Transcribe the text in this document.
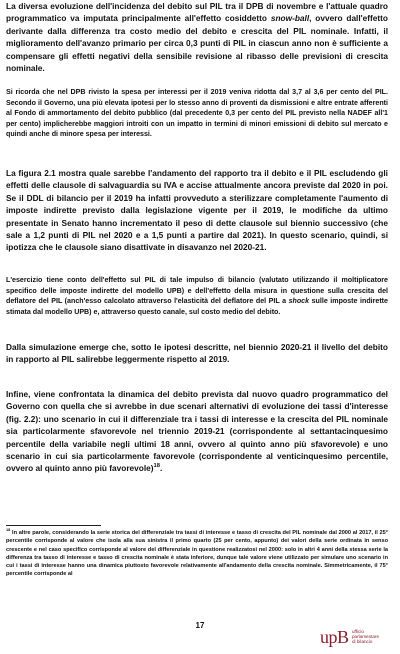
La diversa evoluzione dell'incidenza del debito sul PIL tra il DPB di novembre e l'attuale quadro programmatico va imputata principalmente all'effetto cosiddetto snow-ball, ovvero dall'effetto derivante dalla differenza tra costo medio del debito e crescita del PIL nominale. Infatti, il miglioramento dell'avanzo primario per circa 0,3 punti di PIL in ciascun anno non è sufficiente a compensare gli effetti negativi della sensibile revisione al ribasso delle previsioni di crescita nominale.

Si ricorda che nel DPB rivisto la spesa per interessi per il 2019 veniva ridotta dal 3,7 al 3,6 per cento del PIL. Secondo il Governo, una più elevata ipotesi per lo stesso anno di proventi da dismissioni e altre entrate afferenti al Fondo di ammortamento del debito pubblico (dal precedente 0,3 per cento del PIL previsto nella NADEF all'1 per cento) implicherebbe maggiori introiti con un impatto in termini di minori emissioni di debito sul mercato e quindi anche di minore spesa per interessi.

La figura 2.1 mostra quale sarebbe l'andamento del rapporto tra il debito e il PIL escludendo gli effetti delle clausole di salvaguardia su IVA e accise attualmente ancora previste dal 2020 in poi. Se il DDL di bilancio per il 2019 ha infatti provveduto a sterilizzare completamente l'aumento di imposte indirette previsto dalla legislazione vigente per il 2019, le modifiche da ultimo presentate in Senato hanno incrementato il peso di dette clausole sul biennio successivo (che sale a 1,2 punti di PIL nel 2020 e a 1,5 punti a partire dal 2021). In questo scenario, quindi, si ipotizza che le clausole siano disattivate in disavanzo nel 2020-21.

L'esercizio tiene conto dell'effetto sul PIL di tale impulso di bilancio (valutato utilizzando il moltiplicatore specifico delle imposte indirette del modello UPB) e dell'effetto della misura in questione sulla crescita del deflatore del PIL (anch'esso calcolato attraverso l'elasticità del deflatore del PIL a shock sulle imposte indirette stimata dal modello UPB) e, attraverso questo canale, sul costo medio del debito.

Dalla simulazione emerge che, sotto le ipotesi descritte, nel biennio 2020-21 il livello del debito in rapporto al PIL salirebbe leggermente rispetto al 2019.

Infine, viene confrontata la dinamica del debito prevista dal nuovo quadro programmatico del Governo con quella che si avrebbe in due scenari alternativi di evoluzione dei tassi d'interesse (fig. 2.2): uno scenario in cui il differenziale tra i tassi di interesse e la crescita del PIL nominale sia particolarmente sfavorevole nel triennio 2019-21 (corrispondente al settantacinquesimo percentile della variabile negli ultimi 18 anni, ovvero al quinto anno più sfavorevole) e uno scenario in cui sia particolarmente favorevole (corrispondente al venticinquesimo percentile, ovvero al quinto anno più favorevole)$^{18}$.

$^{18}$ In altre parole, considerando la serie storica del differenziale tra tassi di interesse e tasso di crescita del PIL nominale dal 2000 al 2017, il 25° percentile corrisponde al valore che isola alla sua sinistra il primo quarto (25 per cento, appunto) dei valori della serie ordinata in senso crescente e nel caso specifico corrisponde al valore del differenziale in questione realizzatosi nel 2000: solo in altri 4 anni della stessa serie la differenza tra tasso di interesse e tasso di crescita nominale è stata inferiore, dunque tale valore viene utilizzato per simulare uno scenario in cui i tassi di interesse hanno una dinamica piuttosto favorevole relativamente all'andamento della crescita nominale. Simmetricamente, il 75° percentile corrisponde al

17
upB ufficio
parlamentare
di bilancio
